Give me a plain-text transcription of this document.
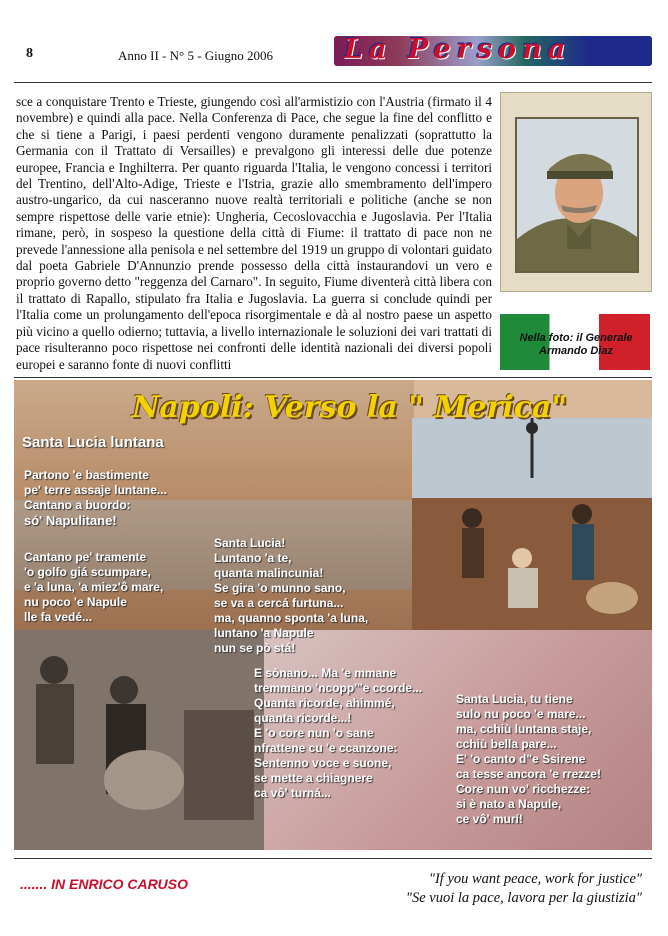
8	Anno II - N° 5 - Giugno 2006	La Persona

sce a conquistare Trento e Trieste, giungendo così all'armistizio con l'Austria (firmato il 4 novembre) e quindi alla pace. Nella Conferenza di Pace, che segue la fine del conflitto e che si tiene a Parigi, i paesi perdenti vengono duramente penalizzati (soprattutto la Germania con il Trattato di Versailles) e prevalgono gli interessi delle due potenze europee, Francia e Inghilterra. Per quanto riguarda l'Italia, le vengono concessi i territori del Trentino, dell'Alto-Adige, Trieste e l'Istria, grazie allo smembramento dell'impero austro-ungarico, da cui nasceranno nuove realtà territoriali e politiche (anche se non sempre rispettose delle varie etnie): Ungheria, Cecoslovacchia e Jugoslavia. Per l'Italia rimane, però, in sospeso la questione della città di Fiume: il trattato di pace non ne prevede l'annessione alla penisola e nel settembre del 1919 un gruppo di volontari guidato dal poeta Gabriele D'Annunzio prende possesso della città instaurandovi un vero e proprio governo detto "reggenza del Carnaro". In seguito, Fiume diventerà città libera con il trattato di Rapallo, stipulato fra Italia e Jugoslavia. La guerra si conclude quindi per l'Italia come un prolungamento dell'epoca risorgimentale e dà al nostro paese un aspetto più vicino a quello odierno; tuttavia, a livello internazionale le soluzioni dei vari trattati di pace risulteranno poco rispettose nei confronti delle identità nazionali dei diversi popoli europei e saranno fonte di nuovi conflitti

Nella foto: il Generale Armando Diaz
Napoli: Verso la " Merica"
Santa Lucia luntana
Partono 'e bastimente
pe' terre assaje luntane...
Cantano a buordo:
só' Napulitane!
Cantano pe' tramente
'o golfo giá scumpare,
e 'a luna, 'a miez'ô mare,
nu poco 'e Napule
lle fa vedé...
Santa Lucia!
Luntano 'a te,
quanta malincunia!
Se gira 'o munno sano,
se va a cercá furtuna...
ma, quanno sponta 'a luna,
luntano 'a Napule
nun se pò stá!
E sònano... Ma 'e mmane
tremmano 'ncopp'"e ccorde...
Quanta ricorde, ahimmé,
quanta ricorde...!
E 'o core nun 'o sane
nfrattene cu 'e ccanzone:
Sentenno voce e suone,
se mette a chiagnere
ca vô' turná...
Santa Lucia, tu tiene
sulo nu poco 'e mare...
ma, cchiù luntana staje,
cchiù bella pare...
E' 'o canto d"e Ssirene
ca tesse ancora 'e rrezze!
Core nun vo' ricchezze:
si è nato a Napule,
ce vô' murí!
....... IN ENRICO CARUSO	"If you want peace, work for justice"
"Se vuoi la pace, lavora per la giustizia"
